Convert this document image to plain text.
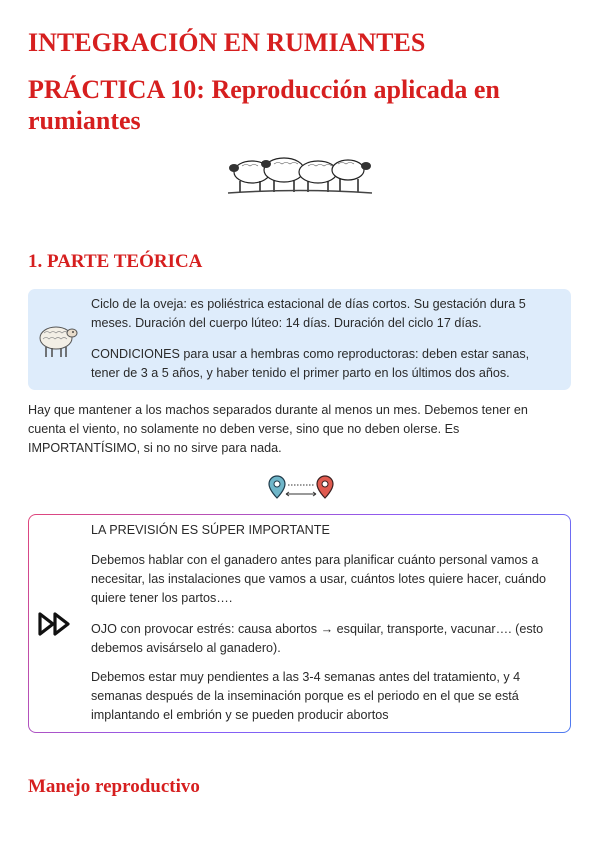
INTEGRACIÓN EN RUMIANTES
PRÁCTICA 10: Reproducción aplicada en rumiantes
1. PARTE TEÓRICA
Ciclo de la oveja: es poliéstrica estacional de días cortos. Su gestación dura 5 meses. Duración del cuerpo lúteo: 14 días. Duración del ciclo 17 días.
CONDICIONES para usar a hembras como reproductoras: deben estar sanas, tener de 3 a 5 años, y haber tenido el primer parto en los últimos dos años.
Hay que mantener a los machos separados durante al menos un mes. Debemos tener en cuenta el viento, no solamente no deben verse, sino que no deben olerse. Es IMPORTANTÍSIMO, si no no sirve para nada.
LA PREVISIÓN ES SÚPER IMPORTANTE
Debemos hablar con el ganadero antes para planificar cuánto personal vamos a necesitar, las instalaciones que vamos a usar, cuántos lotes quiere hacer, cuándo quiere tener los partos….
OJO con provocar estrés: causa abortos → esquilar, transporte, vacunar…. (esto debemos avisárselo al ganadero).
Debemos estar muy pendientes a las 3-4 semanas antes del tratamiento, y 4 semanas después de la inseminación porque es el periodo en el que se está implantando el embrión y se pueden producir abortos
Manejo reproductivo
